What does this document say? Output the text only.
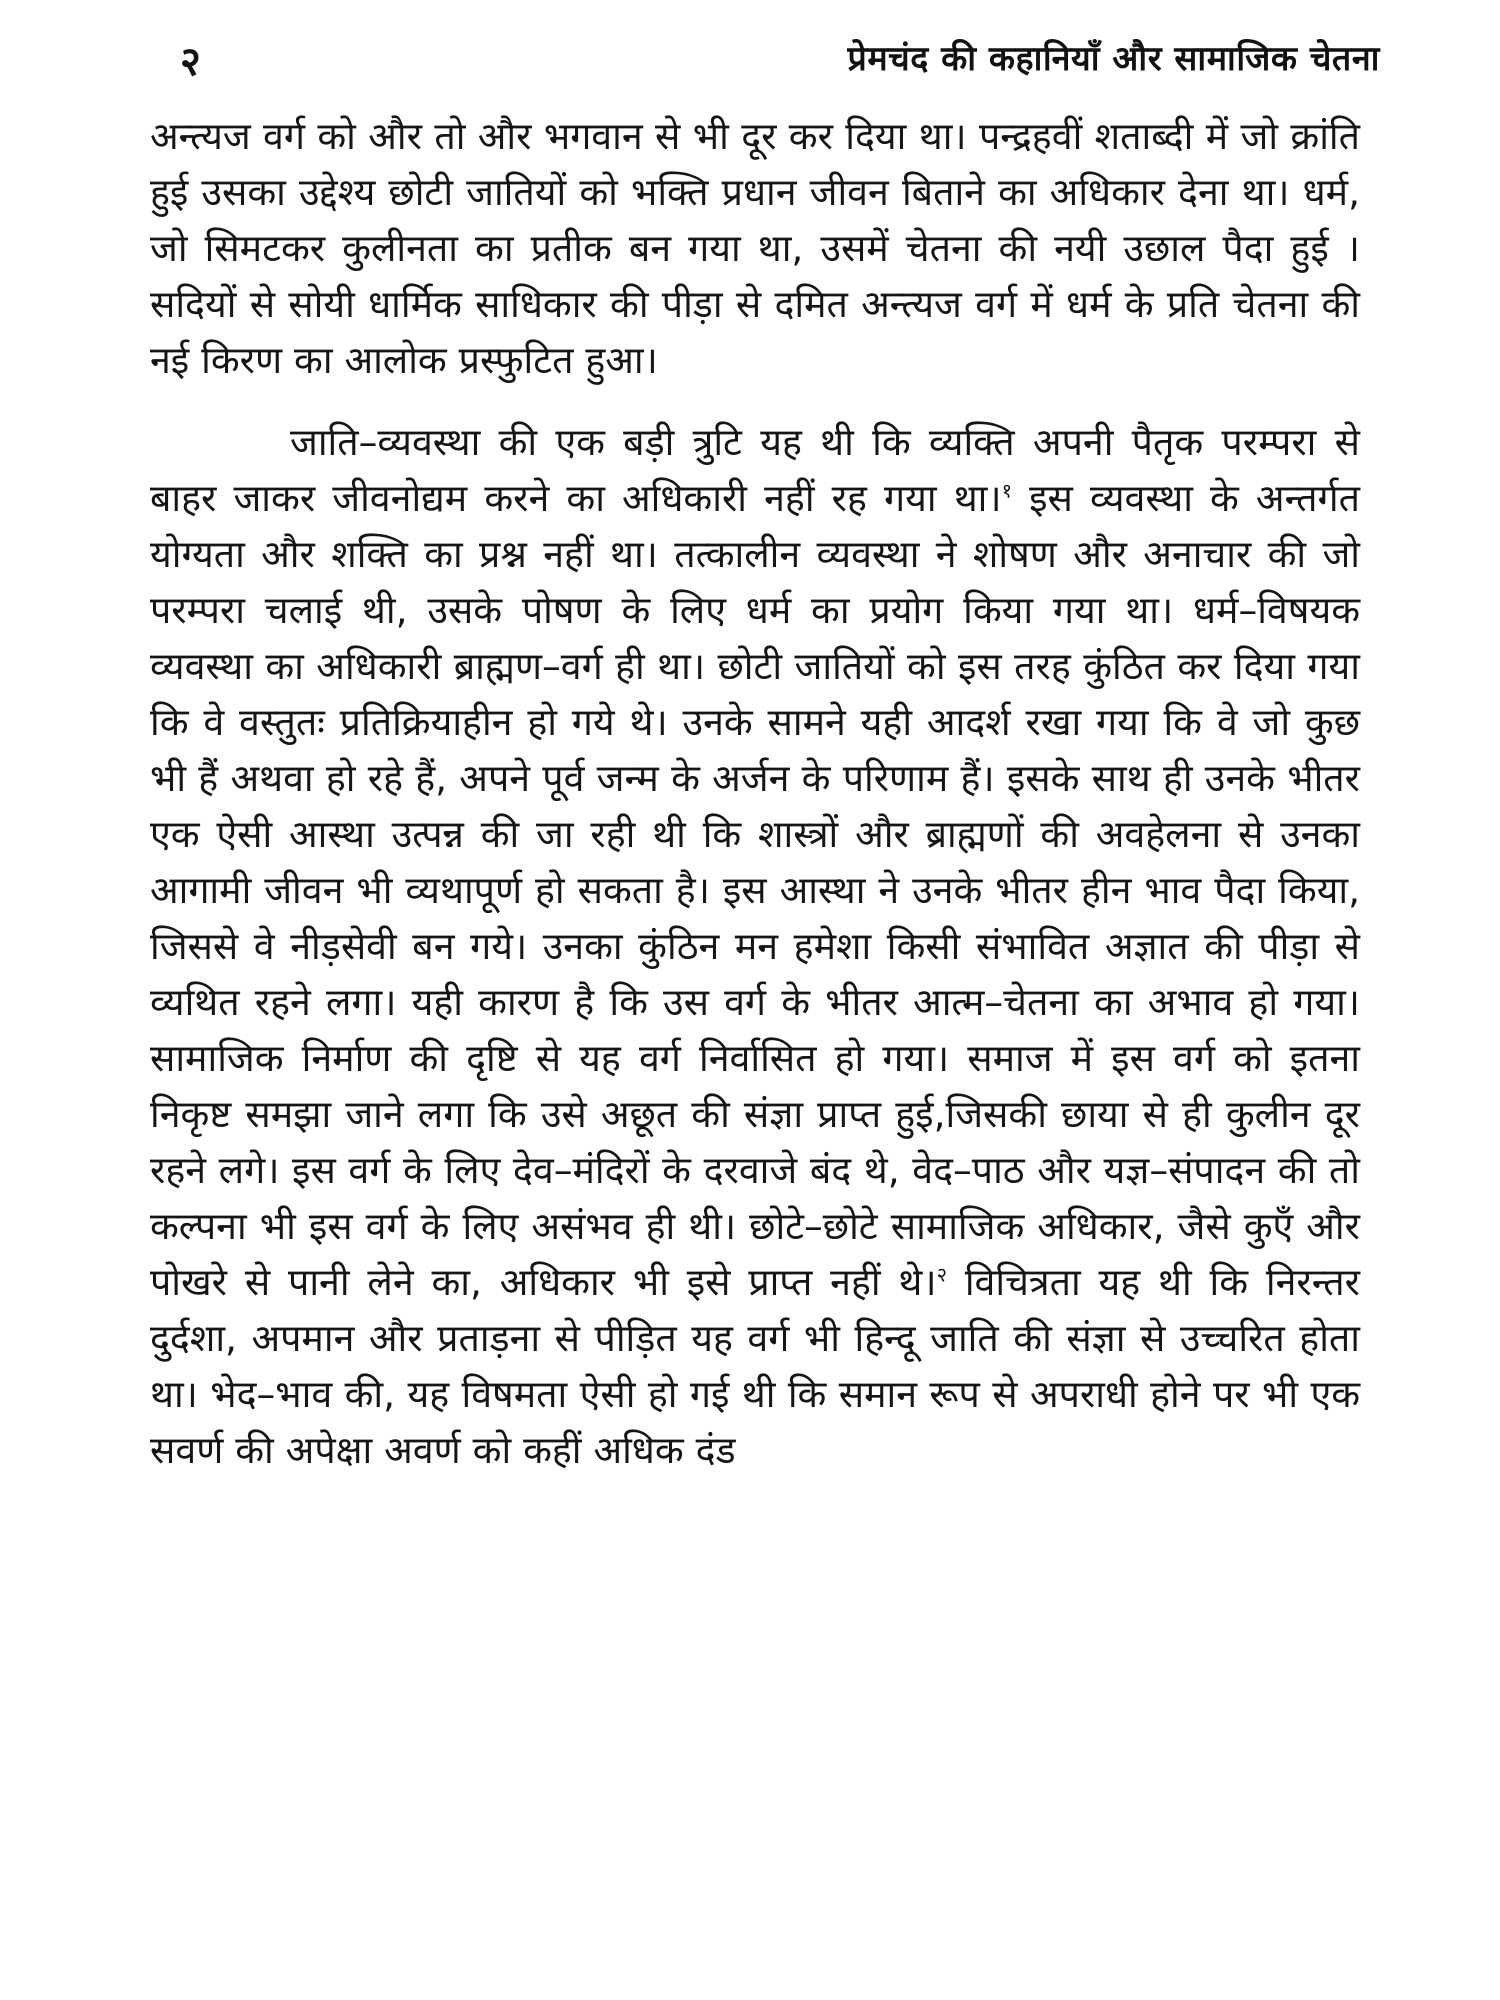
२	प्रेमचंद की कहानियाँ और सामाजिक चेतना

अन्त्यज वर्ग को और तो और भगवान से भी दूर कर दिया था। पन्द्रहवीं शताब्दी में जो क्रांति हुई उसका उद्देश्य छोटी जातियों को भक्ति प्रधान जीवन बिताने का अधिकार देना था। धर्म, जो सिमटकर कुलीनता का प्रतीक बन गया था, उसमें चेतना की नयी उछाल पैदा हुई । सदियों से सोयी धार्मिक साधिकार की पीड़ा से दमित अन्त्यज वर्ग में धर्म के प्रति चेतना की नई किरण का आलोक प्रस्फुटित हुआ।

जाति–व्यवस्था की एक बड़ी त्रुटि यह थी कि व्यक्ति अपनी पैतृक परम्परा से बाहर जाकर जीवनोद्यम करने का अधिकारी नहीं रह गया था।$^१$ इस व्यवस्था के अन्तर्गत योग्यता और शक्ति का प्रश्न नहीं था। तत्कालीन व्यवस्था ने शोषण और अनाचार की जो परम्परा चलाई थी, उसके पोषण के लिए धर्म का प्रयोग किया गया था। धर्म–विषयक व्यवस्था का अधिकारी ब्राह्मण–वर्ग ही था। छोटी जातियों को इस तरह कुंठित कर दिया गया कि वे वस्तुतः प्रतिक्रियाहीन हो गये थे। उनके सामने यही आदर्श रखा गया कि वे जो कुछ भी हैं अथवा हो रहे हैं, अपने पूर्व जन्म के अर्जन के परिणाम हैं। इसके साथ ही उनके भीतर एक ऐसी आस्था उत्पन्न की जा रही थी कि शास्त्रों और ब्राह्मणों की अवहेलना से उनका आगामी जीवन भी व्यथापूर्ण हो सकता है। इस आस्था ने उनके भीतर हीन भाव पैदा किया, जिससे वे नीड़सेवी बन गये। उनका कुंठिन मन हमेशा किसी संभावित अज्ञात की पीड़ा से व्यथित रहने लगा। यही कारण है कि उस वर्ग के भीतर आत्म–चेतना का अभाव हो गया। सामाजिक निर्माण की दृष्टि से यह वर्ग निर्वासित हो गया। समाज में इस वर्ग को इतना निकृष्ट समझा जाने लगा कि उसे अछूत की संज्ञा प्राप्त हुई,जिसकी छाया से ही कुलीन दूर रहने लगे। इस वर्ग के लिए देव–मंदिरों के दरवाजे बंद थे, वेद–पाठ और यज्ञ–संपादन की तो कल्पना भी इस वर्ग के लिए असंभव ही थी। छोटे–छोटे सामाजिक अधिकार, जैसे कुएँ और पोखरे से पानी लेने का, अधिकार भी इसे प्राप्त नहीं थे।$^२$ विचित्रता यह थी कि निरन्तर दुर्दशा, अपमान और प्रताड़ना से पीड़ित यह वर्ग भी हिन्दू जाति की संज्ञा से उच्चरित होता था। भेद–भाव की, यह विषमता ऐसी हो गई थी कि समान रूप से अपराधी होने पर भी एक सवर्ण की अपेक्षा अवर्ण को कहीं अधिक दंड
